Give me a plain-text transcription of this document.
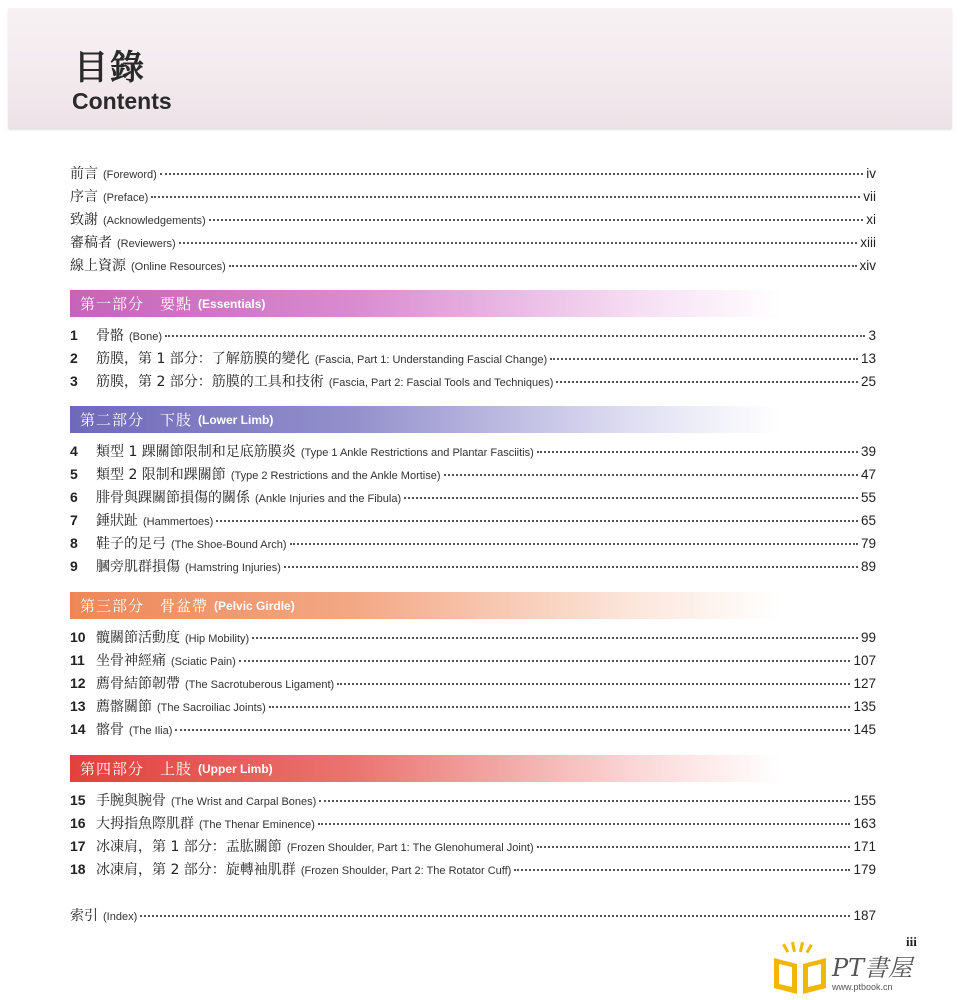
目錄
Contents
前言 (Foreword)	iv
序言 (Preface)	vii
致謝 (Acknowledgements)	xi
審稿者 (Reviewers)	xiii
線上資源 (Online Resources)	xiv
第一部分　要點 (Essentials)
1	骨骼 (Bone)	3
2	筋膜，第 1 部分：了解筋膜的變化 (Fascia, Part 1: Understanding Fascial Change)	13
3	筋膜，第 2 部分：筋膜的工具和技術 (Fascia, Part 2: Fascial Tools and Techniques)	25
第二部分　下肢 (Lower Limb)
4	類型 1 踝關節限制和足底筋膜炎 (Type 1 Ankle Restrictions and Plantar Fasciitis)	39
5	類型 2 限制和踝關節 (Type 2 Restrictions and the Ankle Mortise)	47
6	腓骨與踝關節損傷的關係 (Ankle Injuries and the Fibula)	55
7	錘狀趾 (Hammertoes)	65
8	鞋子的足弓 (The Shoe-Bound Arch)	79
9	膕旁肌群損傷 (Hamstring Injuries)	89
第三部分　骨盆帶 (Pelvic Girdle)
10 髖關節活動度 (Hip Mobility)	99
11 坐骨神經痛 (Sciatic Pain)	107
12 薦骨結節韌帶 (The Sacrotuberous Ligament)	127
13 薦髂關節 (The Sacroiliac Joints)	135
14 髂骨 (The Ilia)	145
第四部分　上肢 (Upper Limb)
15 手腕與腕骨 (The Wrist and Carpal Bones)	155
16 大拇指魚際肌群 (The Thenar Eminence)	163
17 冰凍肩，第 1 部分：盂肱關節 (Frozen Shoulder, Part 1: The Glenohumeral Joint)	171
18 冰凍肩，第 2 部分：旋轉袖肌群 (Frozen Shoulder, Part 2: The Rotator Cuff)	179
索引 (Index)	187
iii
PT書屋
www.ptbook.cn
